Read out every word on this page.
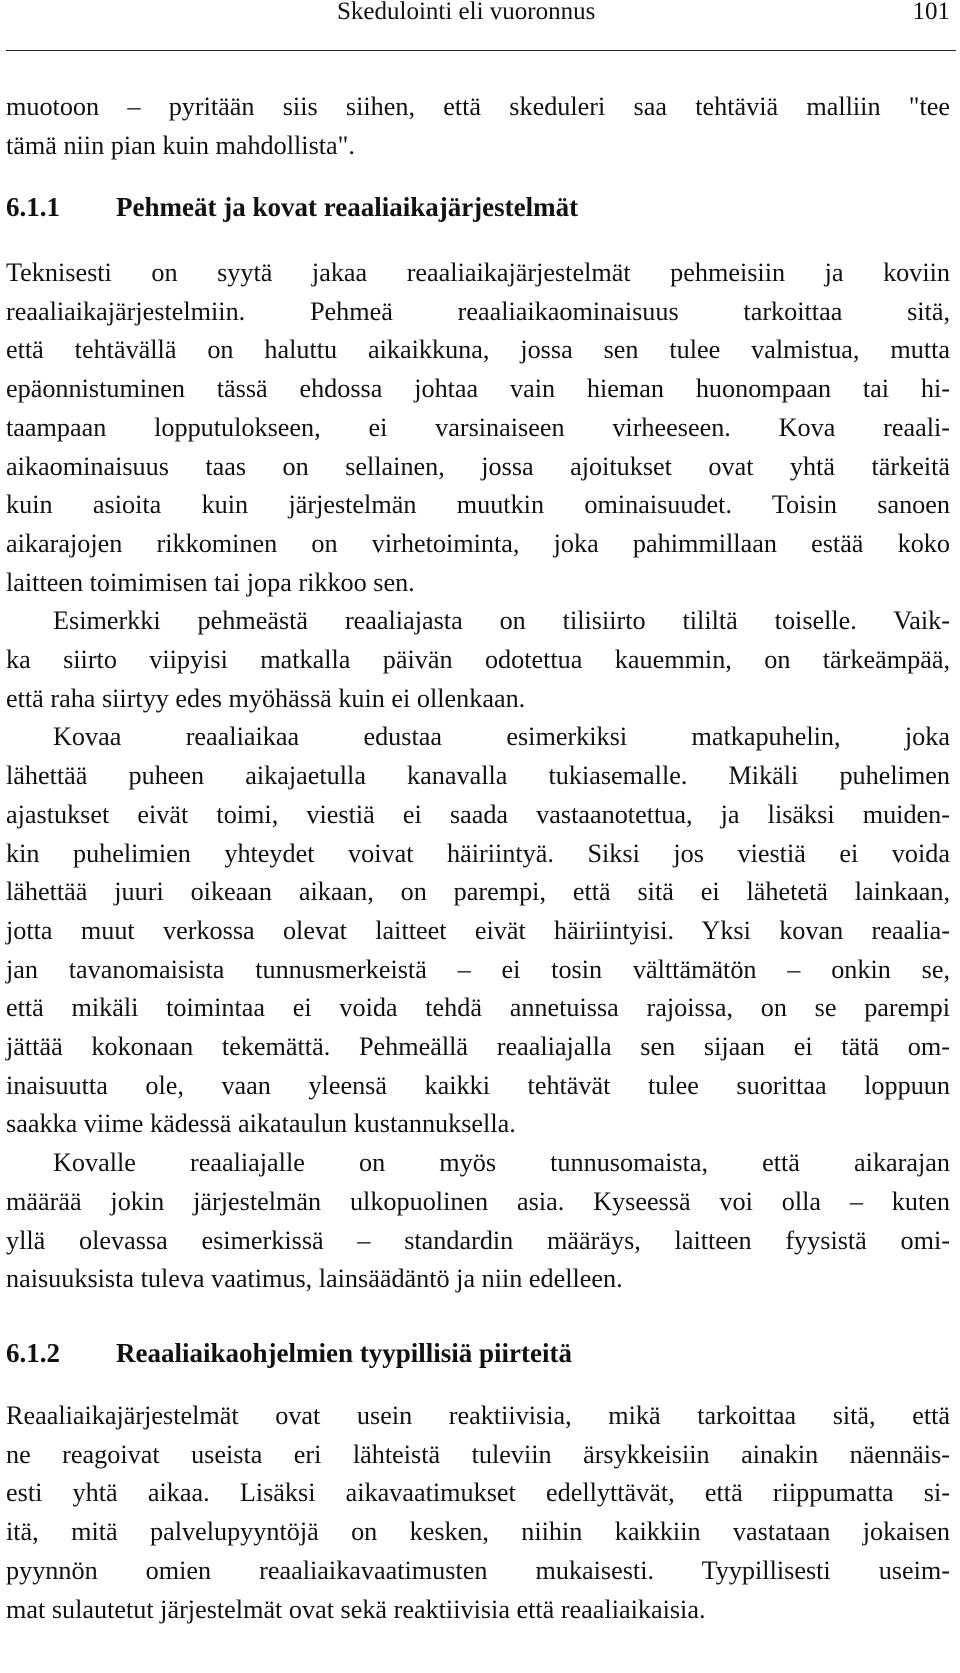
Skedulointi eli vuoronnus	101
muotoon – pyritään siis siihen, että skeduleri saa tehtäviä malliin "tee
tämä niin pian kuin mahdollista".
6.1.1 Pehmeät ja kovat reaaliaikajärjestelmät
Teknisesti on syytä jakaa reaaliaikajärjestelmät pehmeisiin ja koviin
reaaliaikajärjestelmiin. Pehmeä reaaliaikaominaisuus tarkoittaa sitä,
että tehtävällä on haluttu aikaikkuna, jossa sen tulee valmistua, mutta
epäonnistuminen tässä ehdossa johtaa vain hieman huonompaan tai hi-
taampaan lopputulokseen, ei varsinaiseen virheeseen. Kova reaali-
aikaominaisuus taas on sellainen, jossa ajoitukset ovat yhtä tärkeitä
kuin asioita kuin järjestelmän muutkin ominaisuudet. Toisin sanoen
aikarajojen rikkominen on virhetoiminta, joka pahimmillaan estää koko
laitteen toimimisen tai jopa rikkoo sen.
Esimerkki pehmeästä reaaliajasta on tilisiirto tililtä toiselle. Vaik-
ka siirto viipyisi matkalla päivän odotettua kauemmin, on tärkeämpää,
että raha siirtyy edes myöhässä kuin ei ollenkaan.
Kovaa reaaliaikaa edustaa esimerkiksi matkapuhelin, joka
lähettää puheen aikajaetulla kanavalla tukiasemalle. Mikäli puhelimen
ajastukset eivät toimi, viestiä ei saada vastaanotettua, ja lisäksi muiden-
kin puhelimien yhteydet voivat häiriintyä. Siksi jos viestiä ei voida
lähettää juuri oikeaan aikaan, on parempi, että sitä ei lähetetä lainkaan,
jotta muut verkossa olevat laitteet eivät häiriintyisi. Yksi kovan reaalia-
jan tavanomaisista tunnusmerkeistä – ei tosin välttämätön – onkin se,
että mikäli toimintaa ei voida tehdä annetuissa rajoissa, on se parempi
jättää kokonaan tekemättä. Pehmeällä reaaliajalla sen sijaan ei tätä om-
inaisuutta ole, vaan yleensä kaikki tehtävät tulee suorittaa loppuun
saakka viime kädessä aikataulun kustannuksella.
Kovalle reaaliajalle on myös tunnusomaista, että aikarajan
määrää jokin järjestelmän ulkopuolinen asia. Kyseessä voi olla – kuten
yllä olevassa esimerkissä – standardin määräys, laitteen fyysistä omi-
naisuuksista tuleva vaatimus, lainsäädäntö ja niin edelleen.
6.1.2 Reaaliaikaohjelmien tyypillisiä piirteitä
Reaaliaikajärjestelmät ovat usein reaktiivisia, mikä tarkoittaa sitä, että
ne reagoivat useista eri lähteistä tuleviin ärsykkeisiin ainakin näennäis-
esti yhtä aikaa. Lisäksi aikavaatimukset edellyttävät, että riippumatta si-
itä, mitä palvelupyyntöjä on kesken, niihin kaikkiin vastataan jokaisen
pyynnön omien reaaliaikavaatimusten mukaisesti. Tyypillisesti useim-
mat sulautetut järjestelmät ovat sekä reaktiivisia että reaaliaikaisia.
